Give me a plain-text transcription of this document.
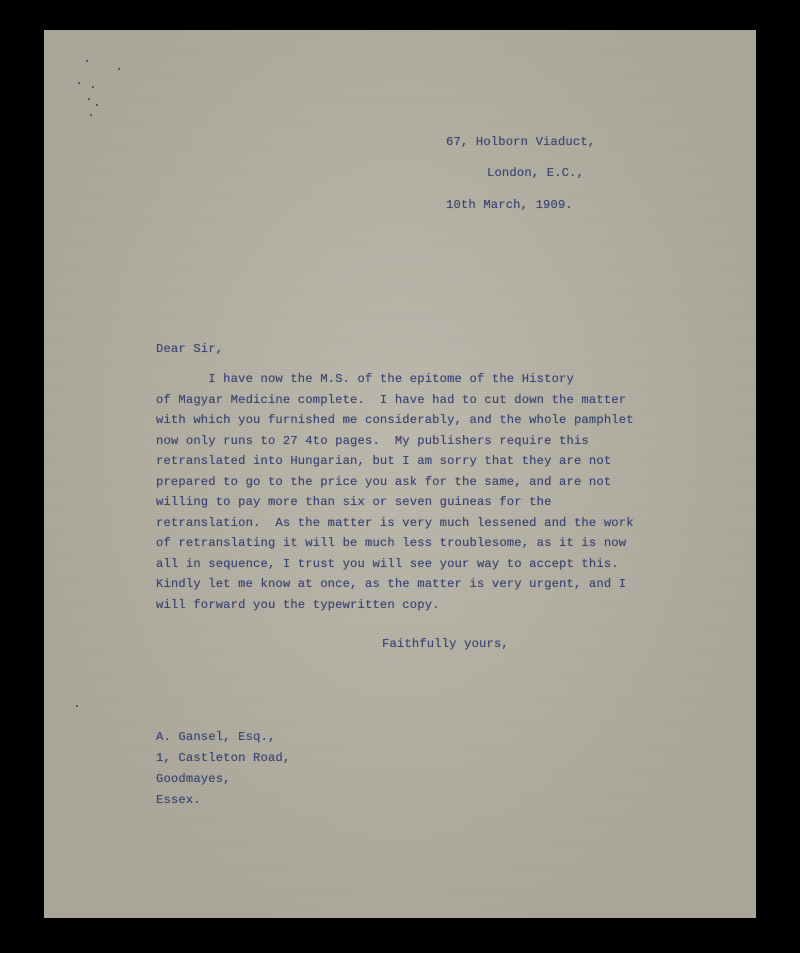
67, Holborn Viaduct,

London, E.C.,

10th March, 1909.

Dear Sir,

I have now the M.S. of the epitome of the History

of Magyar Medicine complete.  I have had to cut down the matter

with which you furnished me considerably, and the whole pamphlet

now only runs to 27 4to pages.  My publishers require this

retranslated into Hungarian, but I am sorry that they are not

prepared to go to the price you ask for the same, and are not

willing to pay more than six or seven guineas for the

retranslation.  As the matter is very much lessened and the work

of retranslating it will be much less troublesome, as it is now

all in sequence, I trust you will see your way to accept this.

Kindly let me know at once, as the matter is very urgent, and I

will forward you the typewritten copy.

Faithfully yours,

A. Gansel, Esq.,

1, Castleton Road,

Goodmayes,

Essex.
